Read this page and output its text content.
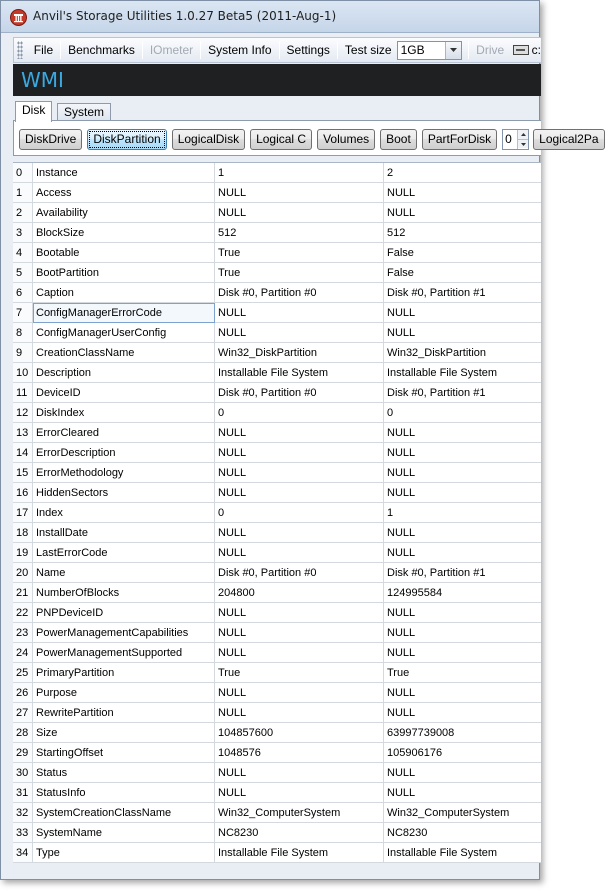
Anvil's Storage Utilities 1.0.27 Beta5 (2011-Aug-1)
File	Benchmarks	IOmeter	System Info	Settings	Test size 1GB	Drive	c:
WMI
Disk	System
DiskDrive	DiskPartition	LogicalDisk	Logical C	Volumes	Boot	PartForDisk	0	Logical2Pa
0	Instance	1	2
1	Access	NULL	NULL
2	Availability	NULL	NULL
3	BlockSize	512	512
4	Bootable	True	False
5	BootPartition	True	False
6	Caption	Disk #0, Partition #0	Disk #0, Partition #1
7	ConfigManagerErrorCode	NULL	NULL
8	ConfigManagerUserConfig	NULL	NULL
9	CreationClassName	Win32_DiskPartition	Win32_DiskPartition
10 Description	Installable File System	Installable File System
11 DeviceID	Disk #0, Partition #0	Disk #0, Partition #1
12 DiskIndex	0	0
13 ErrorCleared	NULL	NULL
14 ErrorDescription	NULL	NULL
15 ErrorMethodology	NULL	NULL
16 HiddenSectors	NULL	NULL
17 Index	0	1
18 InstallDate	NULL	NULL
19 LastErrorCode	NULL	NULL
20 Name	Disk #0, Partition #0	Disk #0, Partition #1
21 NumberOfBlocks	204800	124995584
22 PNPDeviceID	NULL	NULL
23 PowerManagementCapabilities	NULL	NULL
24 PowerManagementSupported	NULL	NULL
25 PrimaryPartition	True	True
26 Purpose	NULL	NULL
27 RewritePartition	NULL	NULL
28 Size	104857600	63997739008
29 StartingOffset	1048576	105906176
30 Status	NULL	NULL
31 StatusInfo	NULL	NULL
32 SystemCreationClassName	Win32_ComputerSystem	Win32_ComputerSystem
33 SystemName	NC8230	NC8230
34 Type	Installable File System	Installable File System
